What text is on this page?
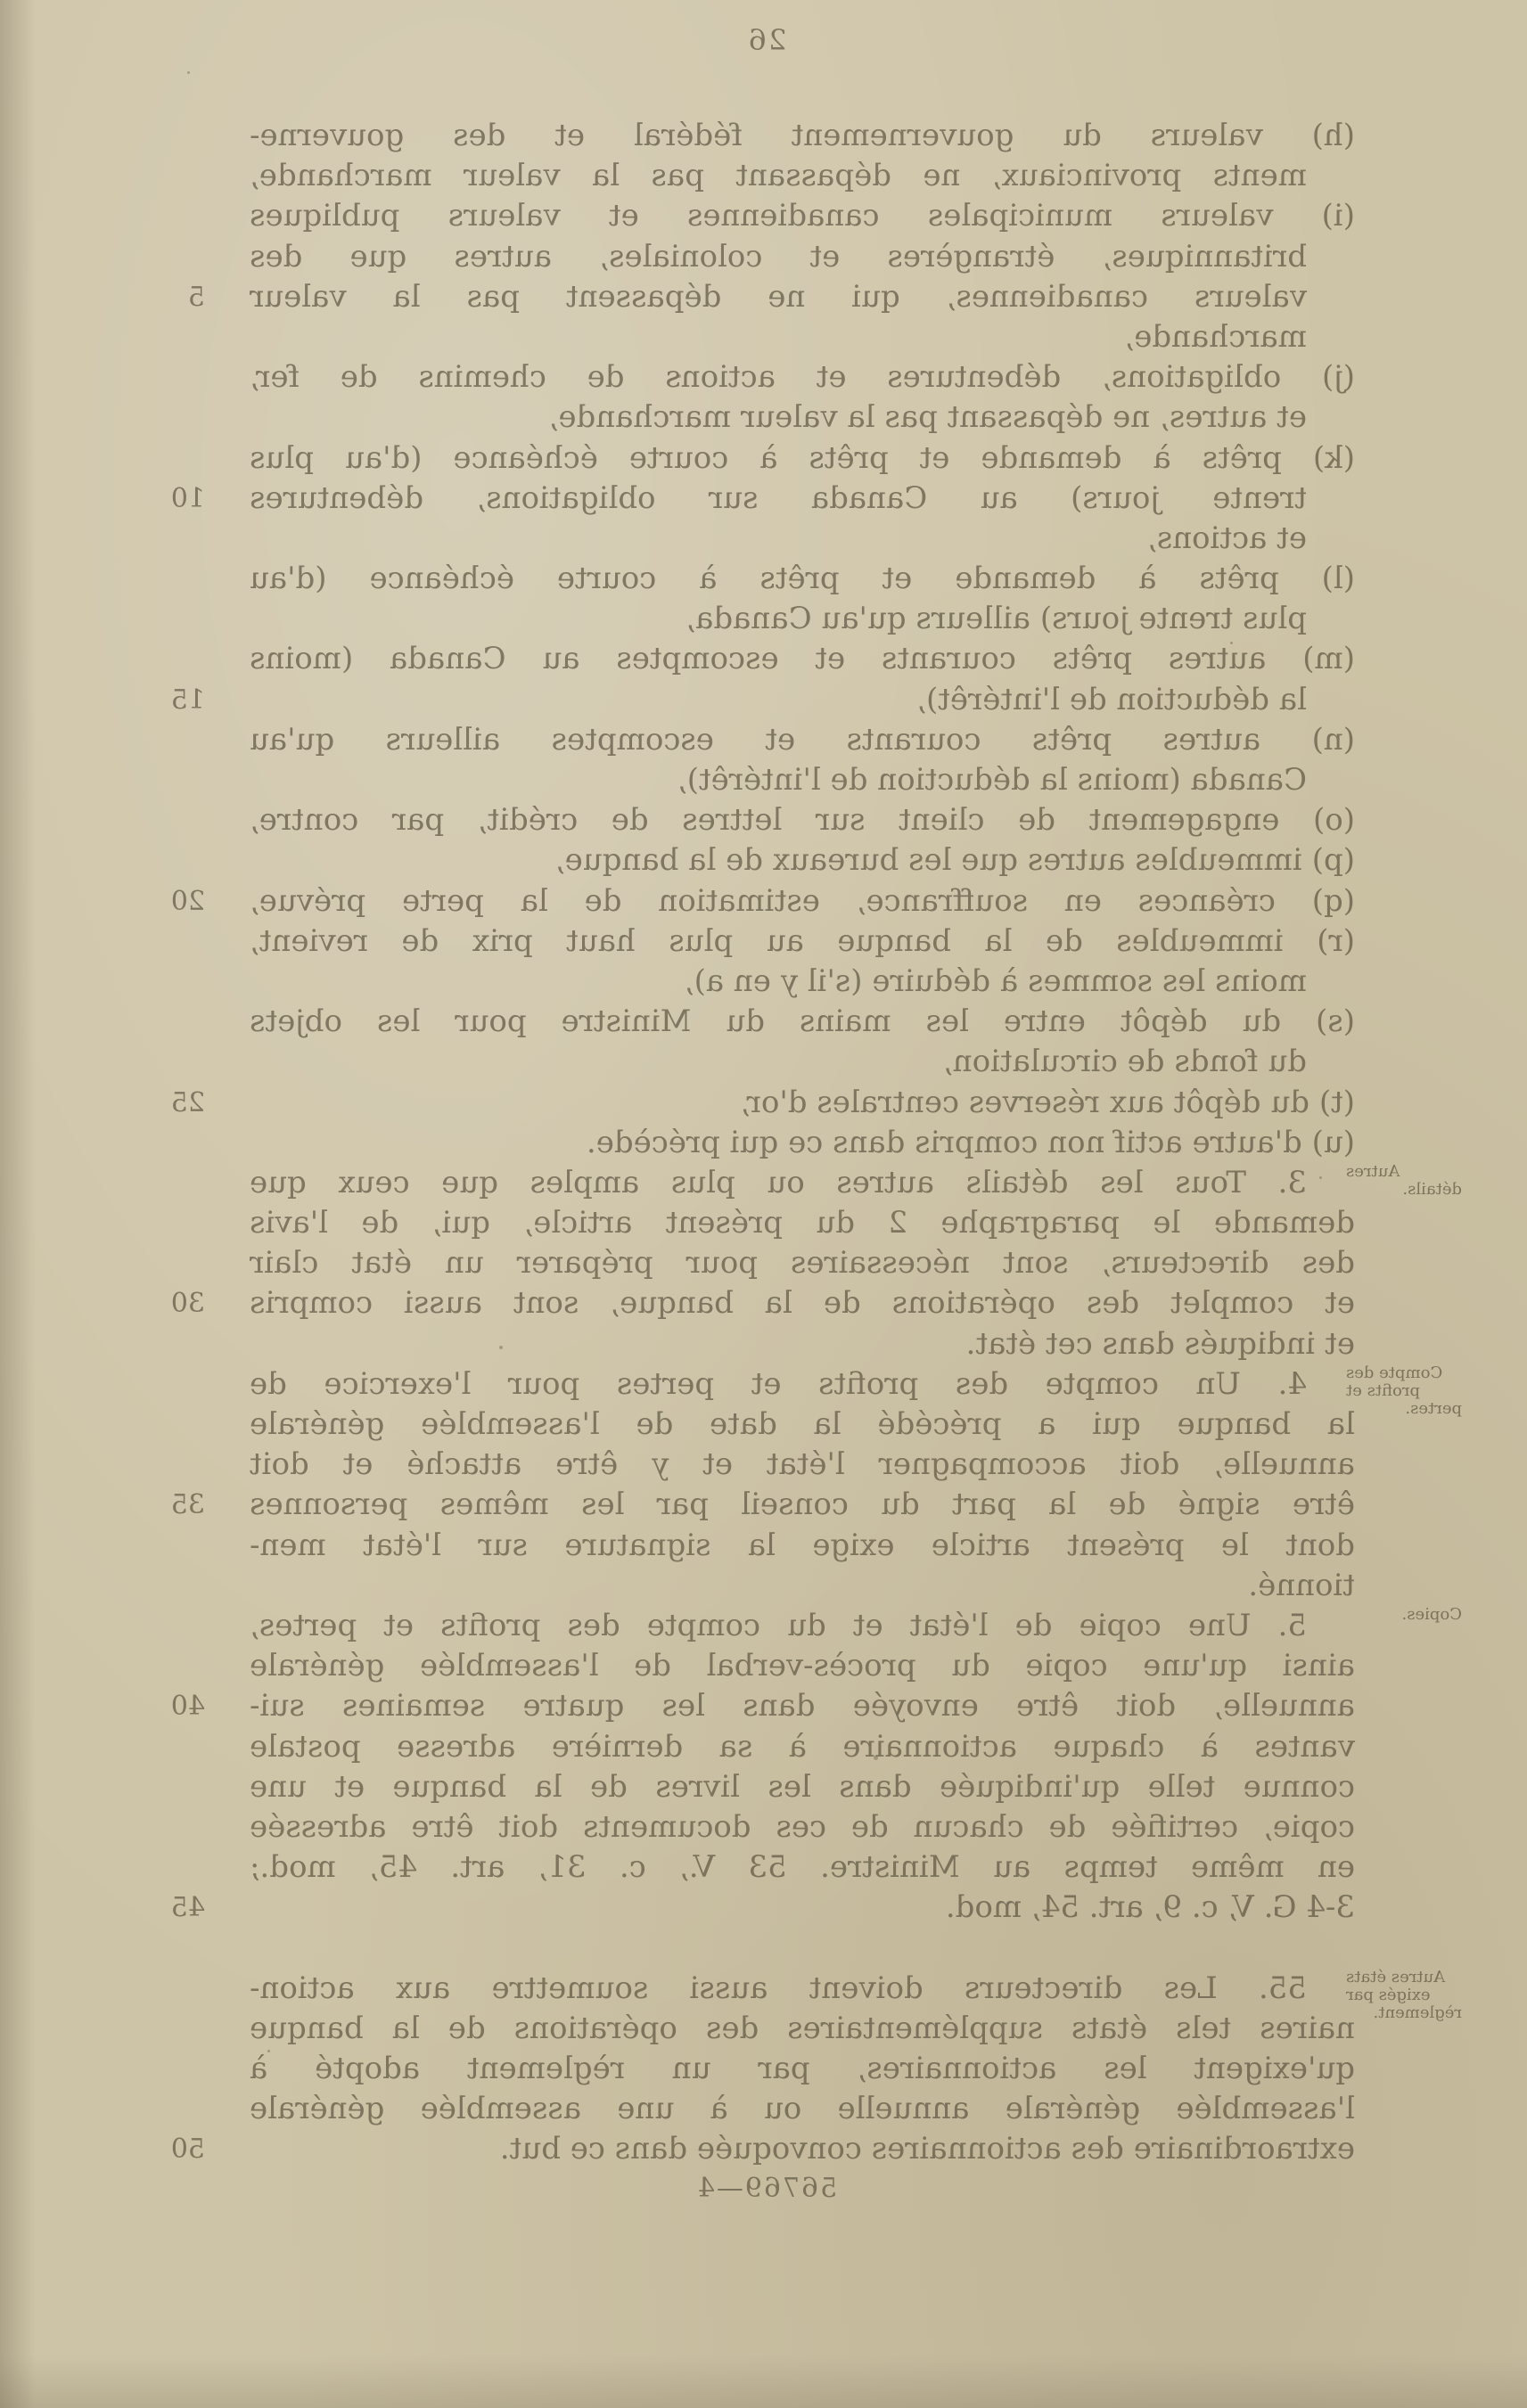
26
(h) valeurs du gouvernement fédéral et des gouverne-
ments provinciaux, ne dépassant pas la valeur marchande,
(i) valeurs municipales canadiennes et valeurs publiques
britanniques, étrangères et coloniales, autres que des
valeurs canadiennes, qui ne dépassent pas la valeur
5
marchande,
(j) obligations, débentures et actions de chemins de fer,
et autres, ne dépassant pas la valeur marchande,
(k) prêts à demande et prêts à courte échéance (d'au plus
trente jours) au Canada sur obligations, débentures
10
et actions,
(l) prêts à demande et prêts à courte échéance (d'au
plus trente jours) ailleurs qu'au Canada,
(m) autres prêts courants et escomptes au Canada (moins
la déduction de l'intérêt),
15
(n) autres prêts courants et escomptes ailleurs qu'au
Canada (moins la déduction de l'intérêt),
(o) engagement de client sur lettres de crédit, par contre,
(p) immeubles autres que les bureaux de la banque,
(q) créances en souffrance, estimation de la perte prévue,
20
(r) immeubles de la banque au plus haut prix de revient,
moins les sommes à déduire (s'il y en a),
(s) du dépôt entre les mains du Ministre pour les objets
du fonds de circulation,
(t) du dépôt aux réserves centrales d'or,
25
(u) d'autre actif non compris dans ce qui précède.
3. Tous les détails autres ou plus amples que ceux que Autres détails.
demande le paragraphe 2 du présent article, qui, de l'avis
des directeurs, sont nécessaires pour préparer un état clair
et complet des opérations de la banque, sont aussi compris
30
et indiqués dans cet état.
4. Un compte des profits et pertes pour l'exercice de Compte des profits et pertes.
la banque qui a précédé la date de l'assemblée générale
annuelle, doit accompagner l'état et y être attaché et doit
être signé de la part du conseil par les mêmes personnes
35
dont le présent article exige la signature sur l'état men-
tionné.
5. Une copie de l'état et du compte des profits et pertes,	Copies.
ainsi qu'une copie du procès-verbal de l'assemblée générale
annuelle, doit être envoyée dans les quatre semaines sui-
40
vantes à chaque actionnaire à sa dernière adresse postale
connue telle qu'indiquée dans les livres de la banque et une
copie, certifiée de chacun de ces documents doit être adressée
en même temps au Ministre. 53 V., c. 31, art. 45, mod.;
3-4 G. V, c. 9, art. 54, mod.
45
55. Les directeurs doivent aussi soumettre aux action- Autres états exigés par règlement.
naires tels états supplémentaires des opérations de la banque
qu'exigent les actionnaires, par un règlement adopté à
l'assemblée générale annuelle ou à une assemblée générale
extraordinaire des actionnaires convoquée dans ce but.
50
56769—4
